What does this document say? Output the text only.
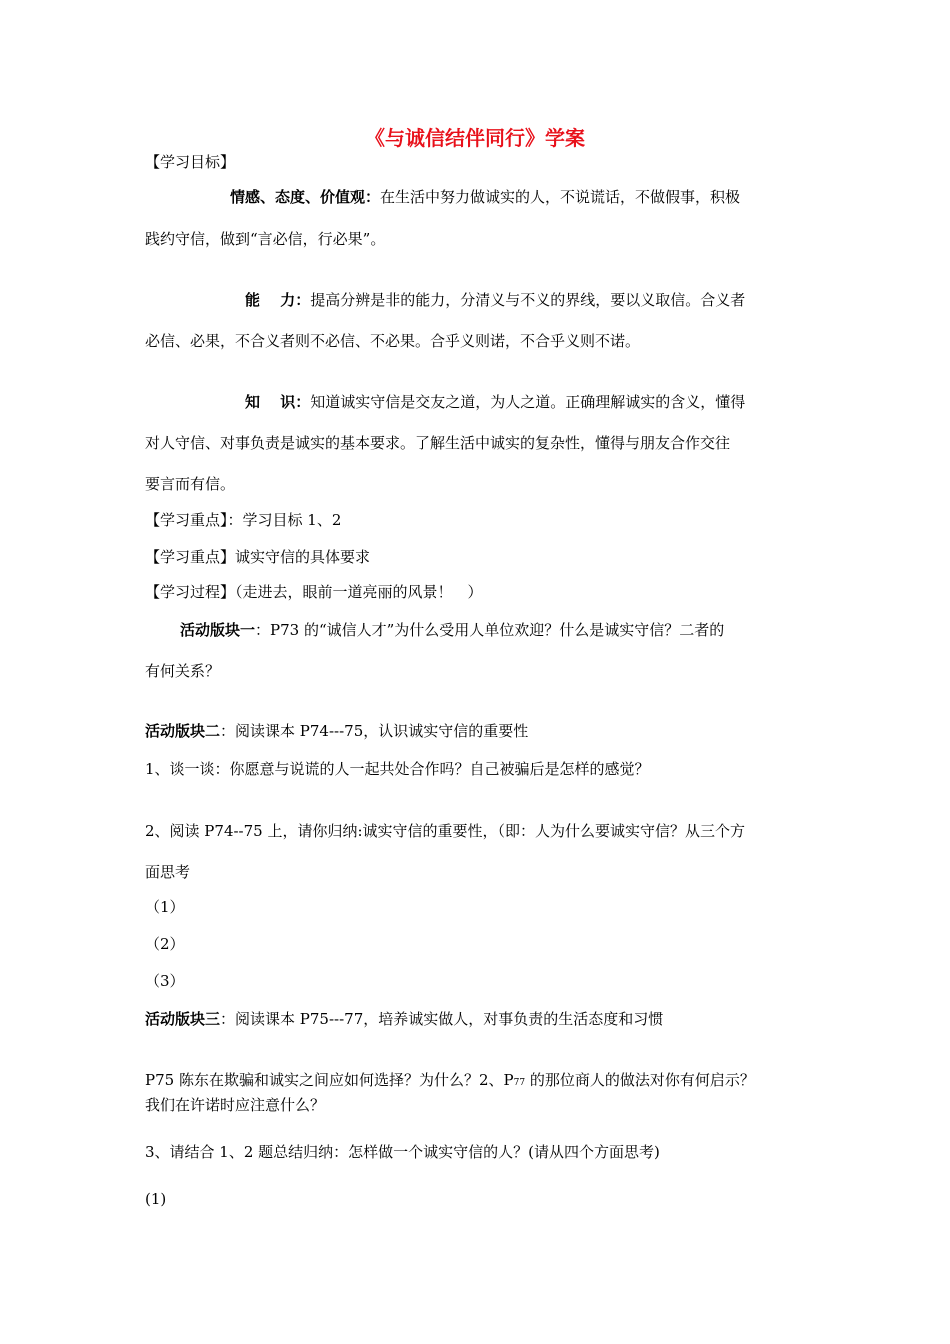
《与诚信结伴同行》学案
【学习目标】
情感、态度、价值观：在生活中努力做诚实的人，不说谎话，不做假事，积极
践约守信，做到“言必信，行必果”。
能　 力：提高分辨是非的能力，分清义与不义的界线，要以义取信。合义者
必信、必果，不合义者则不必信、不必果。合乎义则诺，不合乎义则不诺。
知　 识：知道诚实守信是交友之道，为人之道。正确理解诚实的含义，懂得
对人守信、对事负责是诚实的基本要求。了解生活中诚实的复杂性，懂得与朋友合作交往
要言而有信。
【学习重点】：学习目标 1、2
【学习重点】诚实守信的具体要求
【学习过程】（走进去，眼前一道亮丽的风景！　）
活动版块一：P73 的“诚信人才”为什么受用人单位欢迎？什么是诚实守信？二者的
有何关系？
活动版块二：阅读课本 P74---75，认识诚实守信的重要性
1、谈一谈：你愿意与说谎的人一起共处合作吗？自己被骗后是怎样的感觉？
2、阅读 P74--75 上，请你归纳:诚实守信的重要性，（即：人为什么要诚实守信？从三个方
面思考
（1）
（2）
（3）
活动版块三：阅读课本 P75---77，培养诚实做人，对事负责的生活态度和习惯
P75 陈东在欺骗和诚实之间应如何选择？为什么？2、P77 的那位商人的做法对你有何启示？
我们在许诺时应注意什么？
3、请结合 1、2 题总结归纳：怎样做一个诚实守信的人？(请从四个方面思考)
(1)
